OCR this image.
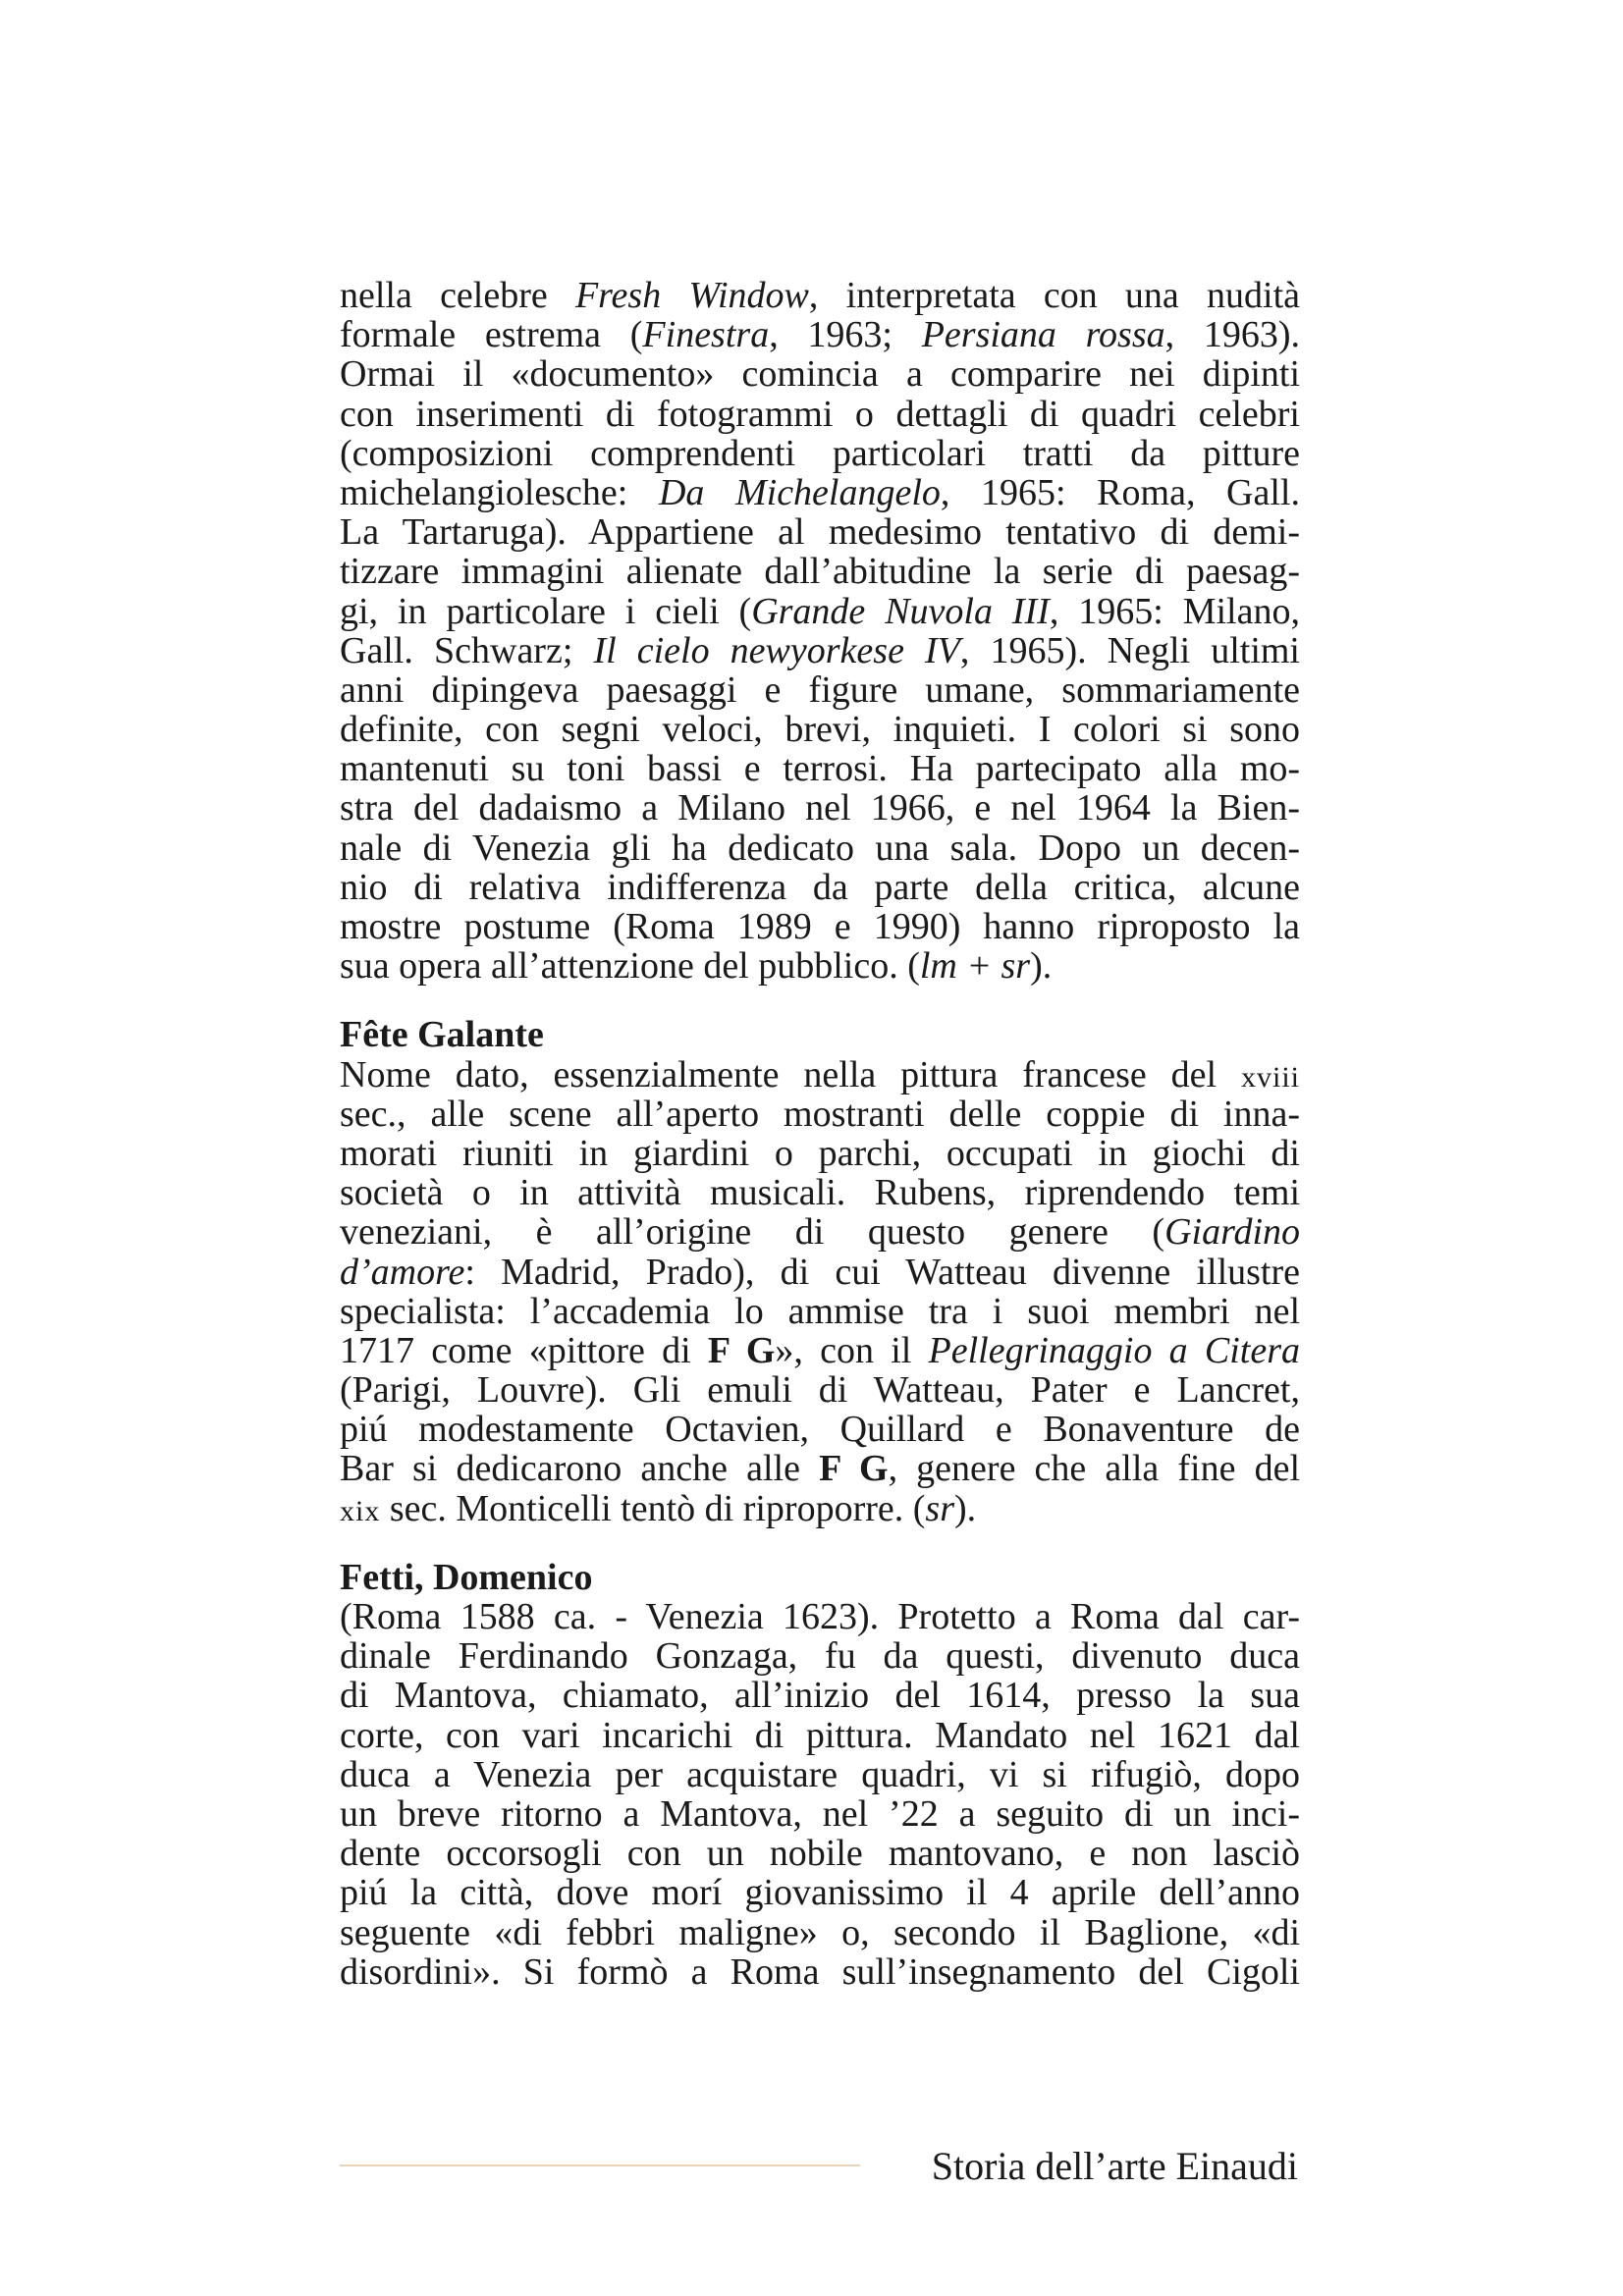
nella celebre Fresh Window, interpretata con una nudità
formale estrema (Finestra, 1963; Persiana rossa, 1963).
Ormai il «documento» comincia a comparire nei dipinti
con inserimenti di fotogrammi o dettagli di quadri celebri
(composizioni comprendenti particolari tratti da pitture
michelangiolesche: Da Michelangelo, 1965: Roma, Gall.
La Tartaruga). Appartiene al medesimo tentativo di demi-
tizzare immagini alienate dall’abitudine la serie di paesag-
gi, in particolare i cieli (Grande Nuvola III, 1965: Milano,
Gall. Schwarz; Il cielo newyorkese IV, 1965). Negli ultimi
anni dipingeva paesaggi e figure umane, sommariamente
definite, con segni veloci, brevi, inquieti. I colori si sono
mantenuti su toni bassi e terrosi. Ha partecipato alla mo-
stra del dadaismo a Milano nel 1966, e nel 1964 la Bien-
nale di Venezia gli ha dedicato una sala. Dopo un decen-
nio di relativa indifferenza da parte della critica, alcune
mostre postume (Roma 1989 e 1990) hanno riproposto la
sua opera all’attenzione del pubblico. (lm + sr).
Fête Galante
Nome dato, essenzialmente nella pittura francese del xviii
sec., alle scene all’aperto mostranti delle coppie di inna-
morati riuniti in giardini o parchi, occupati in giochi di
società o in attività musicali. Rubens, riprendendo temi
veneziani, è all’origine di questo genere (Giardino
d’amore: Madrid, Prado), di cui Watteau divenne illustre
specialista: l’accademia lo ammise tra i suoi membri nel
1717 come «pittore di F G», con il Pellegrinaggio a Citera
(Parigi, Louvre). Gli emuli di Watteau, Pater e Lancret,
piú modestamente Octavien, Quillard e Bonaventure de
Bar si dedicarono anche alle F G, genere che alla fine del
xix sec. Monticelli tentò di riproporre. (sr).
Fetti, Domenico
(Roma 1588 ca. - Venezia 1623). Protetto a Roma dal car-
dinale Ferdinando Gonzaga, fu da questi, divenuto duca
di Mantova, chiamato, all’inizio del 1614, presso la sua
corte, con vari incarichi di pittura. Mandato nel 1621 dal
duca a Venezia per acquistare quadri, vi si rifugiò, dopo
un breve ritorno a Mantova, nel ’22 a seguito di un inci-
dente occorsogli con un nobile mantovano, e non lasciò
piú la città, dove morí giovanissimo il 4 aprile dell’anno
seguente «di febbri maligne» o, secondo il Baglione, «di
disordini». Si formò a Roma sull’insegnamento del Cigoli
Storia dell’arte Einaudi
